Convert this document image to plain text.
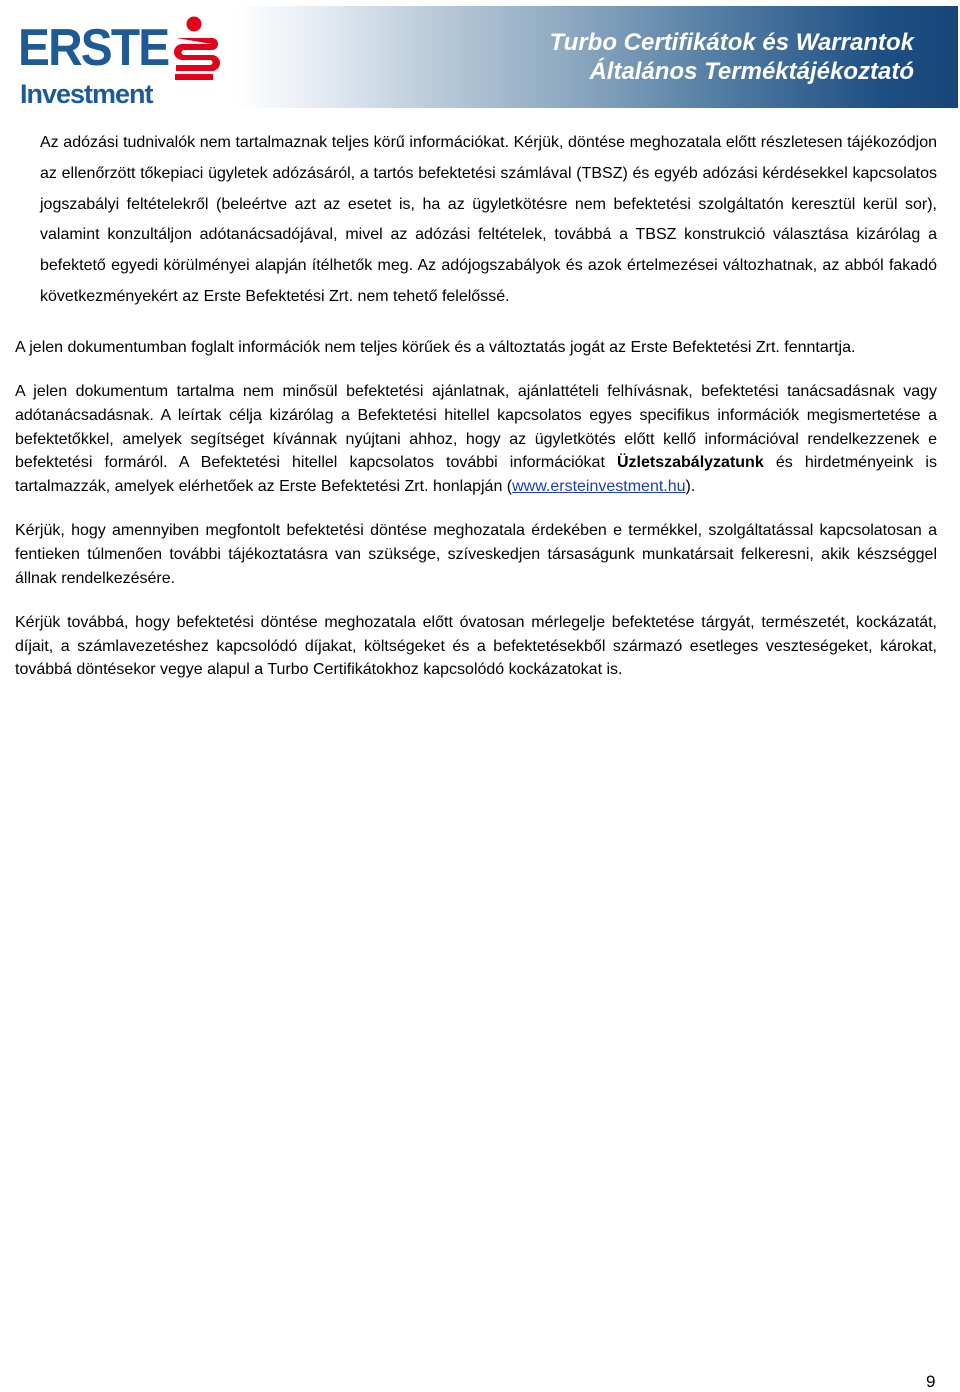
ERSTE
Investment
Turbo Certifikátok és Warrantok
Általános Terméktájékoztató

Az adózási tudnivalók nem tartalmaznak teljes körű információkat. Kérjük, döntése meghozatala előtt részletesen tájékozódjon az ellenőrzött tőkepiaci ügyletek adózásáról, a tartós befektetési számlával (TBSZ) és egyéb adózási kérdésekkel kapcsolatos jogszabályi feltételekről (beleértve azt az esetet is, ha az ügyletkötésre nem befektetési szolgáltatón keresztül kerül sor), valamint konzultáljon adótanácsadójával, mivel az adózási feltételek, továbbá a TBSZ konstrukció választása kizárólag a befektető egyedi körülményei alapján ítélhetők meg. Az adójogszabályok és azok értelmezései változhatnak, az abból fakadó következményekért az Erste Befektetési Zrt. nem tehető felelőssé.

A jelen dokumentumban foglalt információk nem teljes körűek és a változtatás jogát az Erste Befektetési Zrt. fenntartja.

A jelen dokumentum tartalma nem minősül befektetési ajánlatnak, ajánlattételi felhívásnak, befektetési tanácsadásnak vagy adótanácsadásnak. A leírtak célja kizárólag a Befektetési hitellel kapcsolatos egyes specifikus információk megismertetése a befektetőkkel, amelyek segítséget kívánnak nyújtani ahhoz, hogy az ügyletkötés előtt kellő információval rendelkezzenek e befektetési formáról. A Befektetési hitellel kapcsolatos további információkat Üzletszabályzatunk és hirdetményeink is tartalmazzák, amelyek elérhetőek az Erste Befektetési Zrt. honlapján (www.ersteinvestment.hu).

Kérjük, hogy amennyiben megfontolt befektetési döntése meghozatala érdekében e termékkel, szolgáltatással kapcsolatosan a fentieken túlmenően további tájékoztatásra van szüksége, szíveskedjen társaságunk munkatársait felkeresni, akik készséggel állnak rendelkezésére.

Kérjük továbbá, hogy befektetési döntése meghozatala előtt óvatosan mérlegelje befektetése tárgyát, természetét, kockázatát, díjait, a számlavezetéshez kapcsolódó díjakat, költségeket és a befektetésekből származó esetleges veszteségeket, károkat, továbbá döntésekor vegye alapul a Turbo Certifikátokhoz kapcsolódó kockázatokat is.

9
